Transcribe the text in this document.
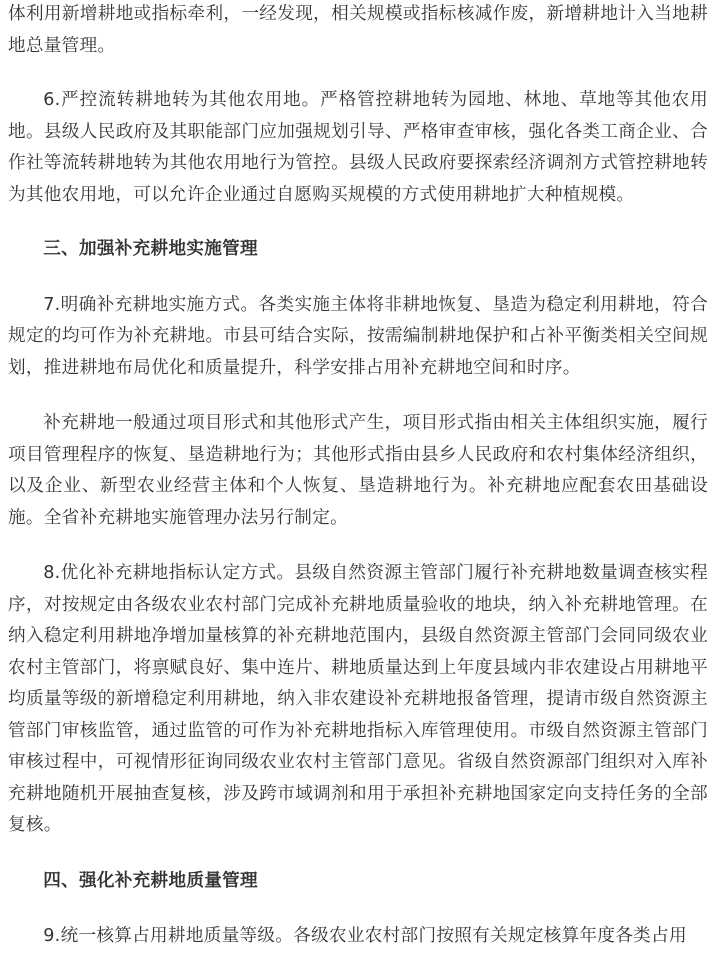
体利用新增耕地或指标牵利，一经发现，相关规模或指标核减作废，新增耕地计入当地耕地总量管理。

6.严控流转耕地转为其他农用地。严格管控耕地转为园地、林地、草地等其他农用地。县级人民政府及其职能部门应加强规划引导、严格审查审核，强化各类工商企业、合作社等流转耕地转为其他农用地行为管控。县级人民政府要探索经济调剂方式管控耕地转为其他农用地，可以允许企业通过自愿购买规模的方式使用耕地扩大种植规模。

三、加强补充耕地实施管理

7.明确补充耕地实施方式。各类实施主体将非耕地恢复、垦造为稳定利用耕地，符合规定的均可作为补充耕地。市县可结合实际，按需编制耕地保护和占补平衡类相关空间规划，推进耕地布局优化和质量提升，科学安排占用补充耕地空间和时序。

补充耕地一般通过项目形式和其他形式产生，项目形式指由相关主体组织实施，履行项目管理程序的恢复、垦造耕地行为；其他形式指由县乡人民政府和农村集体经济组织，以及企业、新型农业经营主体和个人恢复、垦造耕地行为。补充耕地应配套农田基础设施。全省补充耕地实施管理办法另行制定。

8.优化补充耕地指标认定方式。县级自然资源主管部门履行补充耕地数量调查核实程序，对按规定由各级农业农村部门完成补充耕地质量验收的地块，纳入补充耕地管理。在纳入稳定利用耕地净增加量核算的补充耕地范围内，县级自然资源主管部门会同同级农业农村主管部门，将禀赋良好、集中连片、耕地质量达到上年度县域内非农建设占用耕地平均质量等级的新增稳定利用耕地，纳入非农建设补充耕地报备管理，提请市级自然资源主管部门审核监管，通过监管的可作为补充耕地指标入库管理使用。市级自然资源主管部门审核过程中，可视情形征询同级农业农村主管部门意见。省级自然资源部门组织对入库补充耕地随机开展抽查复核，涉及跨市域调剂和用于承担补充耕地国家定向支持任务的全部复核。

四、强化补充耕地质量管理

9.统一核算占用耕地质量等级。各级农业农村部门按照有关规定核算年度各类占用
